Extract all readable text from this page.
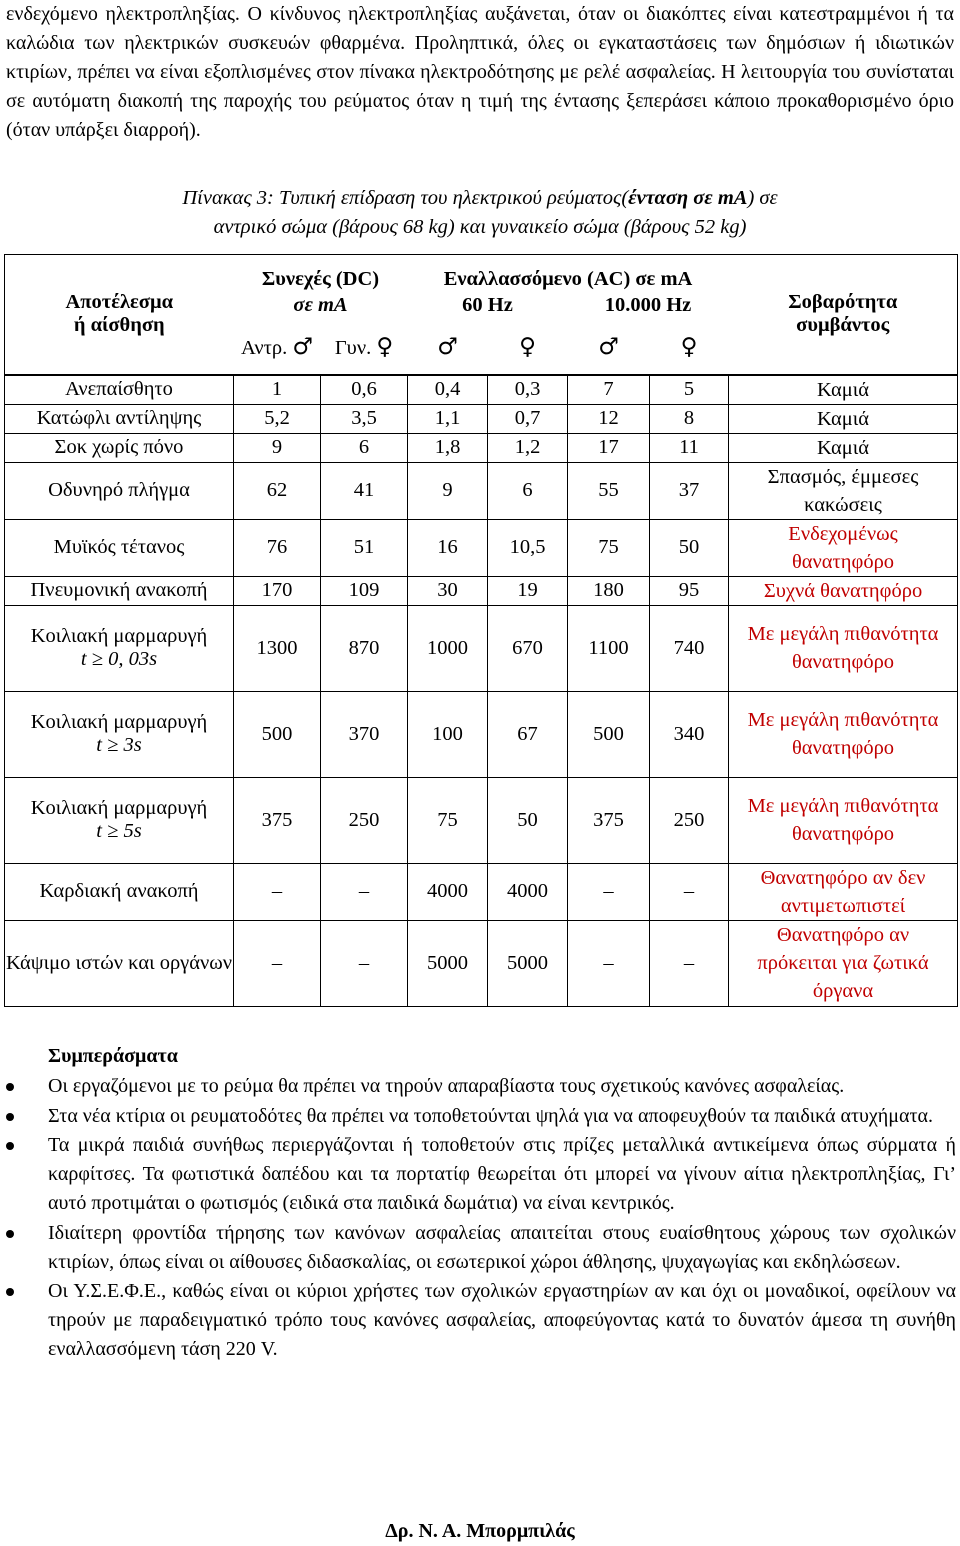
ενδεχόμενο ηλεκτροπληξίας. Ο κίνδυνος ηλεκτροπληξίας αυξάνεται, όταν οι διακόπτες είναι κατεστραμμένοι ή τα καλώδια των ηλεκτρικών συσκευών φθαρμένα. Προληπτικά, όλες οι εγκαταστάσεις των δημόσιων ή ιδιωτικών κτιρίων, πρέπει να είναι εξοπλισμένες στον πίνακα ηλεκτροδότησης με ρελέ ασφαλείας. Η λειτουργία του συνίσταται σε αυτόματη διακοπή της παροχής του ρεύματος όταν η τιμή της έντασης ξεπεράσει κάποιο προκαθορισμένο όριο (όταν υπάρξει διαρροή).

Πίνακας 3: Τυπική επίδραση του ηλεκτρικού ρεύματος(ένταση σε mA) σε
αντρικό σώμα (βάρους 68 kg) και γυναικείο σώμα (βάρους 52 kg)
Αποτέλεσμα
ή αίσθηση	Συνεχές (DC)		Εναλλασσόμενο (AC) σε mA				Σοβαρότητα
συμβάντος
	σε mA		60 Hz		10.000 Hz		
	Αντρ. ♂	Γυν. ♀	♂	♀	♂	♀	
Ανεπαίσθητο	1	0,6	0,4	0,3	7	5	Καμιά
Κατώφλι αντίληψης	5,2	3,5	1,1	0,7	12	8	Καμιά
Σοκ χωρίς πόνο	9	6	1,8	1,2	17	11	Καμιά
Οδυνηρό πλήγμα	62	41	9	6	55	37	Σπασμός, έμμεσες κακώσεις
Μυϊκός τέτανος	76	51	16	10,5	75	50	Ενδεχομένως θανατηφόρο
Πνευμονική ανακοπή	170	109	30	19	180	95	Συχνά θανατηφόρο
Κοιλιακή μαρμαρυγή
t ≥ 0, 03s	1300	870	1000	670	1100	740	Με μεγάλη πιθανότητα θανατηφόρο
Κοιλιακή μαρμαρυγή
t ≥ 3s	500	370	100	67	500	340	Με μεγάλη πιθανότητα θανατηφόρο
Κοιλιακή μαρμαρυγή
t ≥ 5s	375	250	75	50	375	250	Με μεγάλη πιθανότητα θανατηφόρο
Καρδιακή ανακοπή	–	–	4000	4000	–	–	Θανατηφόρο αν δεν αντιμετωπιστεί
Κάψιμο ιστών και οργάνων	–	–	5000	5000	–	–	Θανατηφόρο αν πρόκειται για ζωτικά όργανα
Συμπεράσματα
Οι εργαζόμενοι με το ρεύμα θα πρέπει να τηρούν απαραβίαστα τους σχετικούς κανόνες ασφαλείας.
Στα νέα κτίρια οι ρευματοδότες θα πρέπει να τοποθετούνται ψηλά για να αποφευχθούν τα παιδικά ατυχήματα.
Τα μικρά παιδιά συνήθως περιεργάζονται ή τοποθετούν στις πρίζες μεταλλικά αντικείμενα όπως σύρματα ή καρφίτσες. Τα φωτιστικά δαπέδου και τα πορτατίφ θεωρείται ότι μπορεί να γίνουν αίτια ηλεκτροπληξίας, Γι’ αυτό προτιμάται ο φωτισμός (ειδικά στα παιδικά δωμάτια) να είναι κεντρικός.
Ιδιαίτερη φροντίδα τήρησης των κανόνων ασφαλείας απαιτείται στους ευαίσθητους χώρους των σχολικών κτιρίων, όπως είναι οι αίθουσες διδασκαλίας, οι εσωτερικοί χώροι άθλησης, ψυχαγωγίας και εκδηλώσεων.
Οι Υ.Σ.Ε.Φ.Ε., καθώς είναι οι κύριοι χρήστες των σχολικών εργαστηρίων αν και όχι οι μοναδικοί, οφείλουν να τηρούν με παραδειγματικό τρόπο τους κανόνες ασφαλείας, αποφεύγοντας κατά το δυνατόν άμεσα τη συνήθη εναλλασσόμενη τάση 220 V.
Δρ. Ν. Α. Μπορμπιλάς
